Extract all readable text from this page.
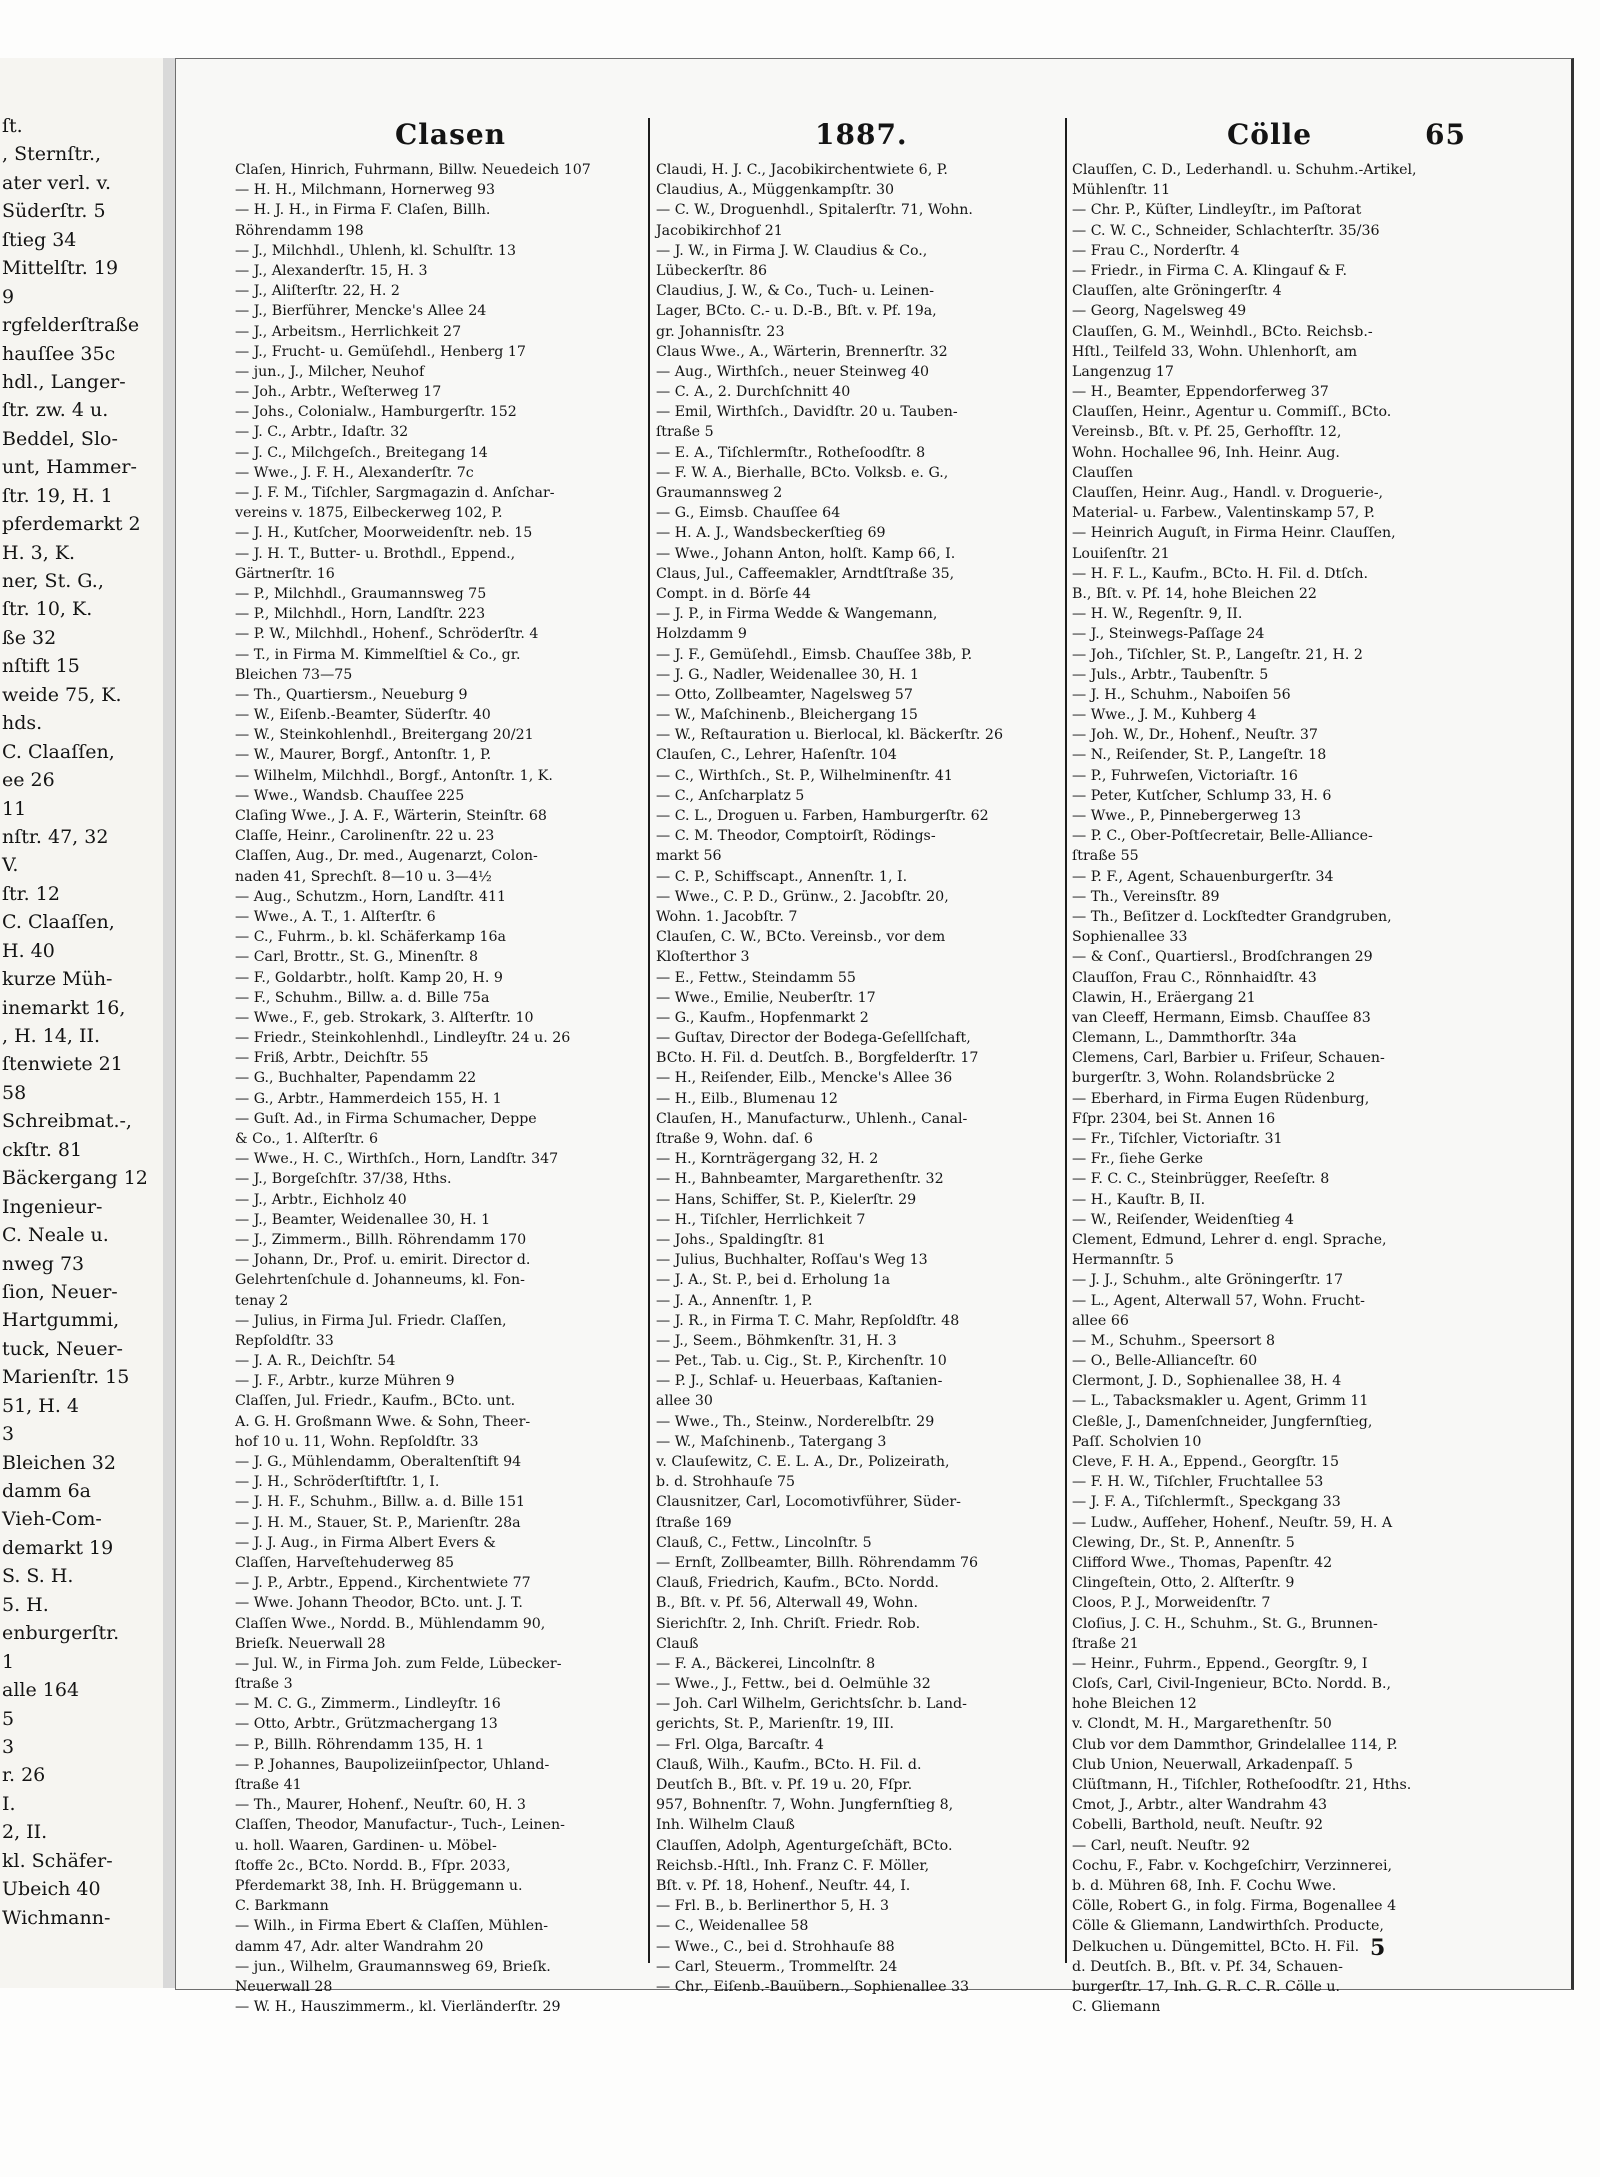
ſt.
, Sternſtr.,
ater verl. v.
Süderſtr. 5
ſtieg 34
Mittelſtr. 19
9
rgfelderſtraße
hauſſee 35c
hdl., Langer-
ſtr. zw. 4 u.
Beddel, Slo-
unt, Hammer-
ſtr. 19, H. 1
pferdemarkt 2
H. 3, K.
ner, St. G.,
ſtr. 10, K.
ße 32
nſtift 15
weide 75, K.
hds.
C. Claaſſen,
ee 26
11
nſtr. 47, 32
V.
ſtr. 12
C. Claaſſen,
H. 40
kurze Müh-
inemarkt 16,
, H. 14, II.
ſtenwiete 21
58
Schreibmat.-,
ckſtr. 81
Bäckergang 12
Ingenieur-
C. Neale u.
nweg 73
ſion, Neuer-
Hartgummi,
tuck, Neuer-
Marienſtr. 15
51, H. 4
3
Bleichen 32
damm 6a
Vieh-Com-
demarkt 19
S. S. H.
5. H.
enburgerſtr.
1
alle 164
5
3
r. 26
I.
2, II.
kl. Schäfer-
Ubeich 40
Wichmann-
Clasen	1887.	Cölle	65
Claſen, Hinrich, Fuhrmann, Billw. Neuedeich 107
— H. H., Milchmann, Hornerweg 93
— H. J. H., in Firma F. Claſen, Billh.
Röhrendamm 198
— J., Milchhdl., Uhlenh, kl. Schulſtr. 13
— J., Alexanderſtr. 15, H. 3
— J., Aliſterſtr. 22, H. 2
— J., Bierführer, Mencke's Allee 24
— J., Arbeitsm., Herrlichkeit 27
— J., Frucht- u. Gemüſehdl., Henberg 17
— jun., J., Milcher, Neuhof
— Joh., Arbtr., Weſterweg 17
— Johs., Colonialw., Hamburgerſtr. 152
— J. C., Arbtr., Idaſtr. 32
— J. C., Milchgeſch., Breitegang 14
— Wwe., J. F. H., Alexanderſtr. 7c
— J. F. M., Tiſchler, Sargmagazin d. Anſchar-
vereins v. 1875, Eilbeckerweg 102, P.
— J. H., Kutſcher, Moorweidenſtr. neb. 15
— J. H. T., Butter- u. Brothdl., Eppend.,
Gärtnerſtr. 16
— P., Milchhdl., Graumannsweg 75
— P., Milchhdl., Horn, Landſtr. 223
— P. W., Milchhdl., Hohenf., Schröderſtr. 4
— T., in Firma M. Kimmelſtiel & Co., gr.
Bleichen 73—75
— Th., Quartiersm., Neueburg 9
— W., Eiſenb.-Beamter, Süderſtr. 40
— W., Steinkohlenhdl., Breitergang 20/21
— W., Maurer, Borgf., Antonſtr. 1, P.
— Wilhelm, Milchhdl., Borgf., Antonſtr. 1, K.
— Wwe., Wandsb. Chauſſee 225
Claſing Wwe., J. A. F., Wärterin, Steinſtr. 68
Claſſe, Heinr., Carolinenſtr. 22 u. 23
Claſſen, Aug., Dr. med., Augenarzt, Colon-
naden 41, Sprechſt. 8—10 u. 3—4½
— Aug., Schutzm., Horn, Landſtr. 411
— Wwe., A. T., 1. Alſterſtr. 6
— C., Fuhrm., b. kl. Schäferkamp 16a
— Carl, Brottr., St. G., Minenſtr. 8
— F., Goldarbtr., holſt. Kamp 20, H. 9
— F., Schuhm., Billw. a. d. Bille 75a
— Wwe., F., geb. Strokark, 3. Alſterſtr. 10
— Friedr., Steinkohlenhdl., Lindleyſtr. 24 u. 26
— Friß, Arbtr., Deichſtr. 55
— G., Buchhalter, Papendamm 22
— G., Arbtr., Hammerdeich 155, H. 1
— Guſt. Ad., in Firma Schumacher, Deppe
& Co., 1. Alſterſtr. 6
— Wwe., H. C., Wirthſch., Horn, Landſtr. 347
— J., Borgeſchſtr. 37/38, Hths.
— J., Arbtr., Eichholz 40
— J., Beamter, Weidenallee 30, H. 1
— J., Zimmerm., Billh. Röhrendamm 170
— Johann, Dr., Prof. u. emirit. Director d.
Gelehrtenſchule d. Johanneums, kl. Fon-
tenay 2
— Julius, in Firma Jul. Friedr. Claſſen,
Repſoldſtr. 33
— J. A. R., Deichſtr. 54
— J. F., Arbtr., kurze Mühren 9
Claſſen, Jul. Friedr., Kaufm., BCto. unt.
A. G. H. Großmann Wwe. & Sohn, Theer-
hof 10 u. 11, Wohn. Repſoldſtr. 33
— J. G., Mühlendamm, Oberaltenſtift 94
— J. H., Schröderſtiftſtr. 1, I.
— J. H. F., Schuhm., Billw. a. d. Bille 151
— J. H. M., Stauer, St. P., Marienſtr. 28a
— J. J. Aug., in Firma Albert Evers &
Claſſen, Harveſtehuderweg 85
— J. P., Arbtr., Eppend., Kirchentwiete 77
— Wwe. Johann Theodor, BCto. unt. J. T.
Claſſen Wwe., Nordd. B., Mühlendamm 90,
Brieſk. Neuerwall 28
— Jul. W., in Firma Joh. zum Felde, Lübecker-
ſtraße 3
— M. C. G., Zimmerm., Lindleyſtr. 16
— Otto, Arbtr., Grützmachergang 13
— P., Billh. Röhrendamm 135, H. 1
— P. Johannes, Baupolizeiinſpector, Uhland-
ſtraße 41
— Th., Maurer, Hohenf., Neuſtr. 60, H. 3
Claſſen, Theodor, Manufactur-, Tuch-, Leinen-
u. holl. Waaren, Gardinen- u. Möbel-
ſtoffe 2c., BCto. Nordd. B., Fſpr. 2033,
Pferdemarkt 38, Inh. H. Brüggemann u.
C. Barkmann
— Wilh., in Firma Ebert & Claſſen, Mühlen-
damm 47, Adr. alter Wandrahm 20
— jun., Wilhelm, Graumannsweg 69, Brieſk.
Neuerwall 28
— W. H., Hauszimmerm., kl. Vierländerſtr. 29
Claudi, H. J. C., Jacobikirchentwiete 6, P.
Claudius, A., Müggenkampſtr. 30
— C. W., Droguenhdl., Spitalerſtr. 71, Wohn.
Jacobikirchhof 21
— J. W., in Firma J. W. Claudius & Co.,
Lübeckerſtr. 86
Claudius, J. W., & Co., Tuch- u. Leinen-
Lager, BCto. C.- u. D.-B., Bſt. v. Pf. 19a,
gr. Johannisſtr. 23
Claus Wwe., A., Wärterin, Brennerſtr. 32
— Aug., Wirthſch., neuer Steinweg 40
— C. A., 2. Durchſchnitt 40
— Emil, Wirthſch., Davidſtr. 20 u. Tauben-
ſtraße 5
— E. A., Tiſchlermſtr., Rotheſoodſtr. 8
— F. W. A., Bierhalle, BCto. Volksb. e. G.,
Graumannsweg 2
— G., Eimsb. Chauſſee 64
— H. A. J., Wandsbeckerſtieg 69
— Wwe., Johann Anton, holſt. Kamp 66, I.
Claus, Jul., Caffeemakler, Arndtſtraße 35,
Compt. in d. Börſe 44
— J. P., in Firma Wedde & Wangemann,
Holzdamm 9
— J. F., Gemüſehdl., Eimsb. Chauſſee 38b, P.
— J. G., Nadler, Weidenallee 30, H. 1
— Otto, Zollbeamter, Nagelsweg 57
— W., Maſchinenb., Bleichergang 15
— W., Reſtauration u. Bierlocal, kl. Bäckerſtr. 26
Clauſen, C., Lehrer, Haſenſtr. 104
— C., Wirthſch., St. P., Wilhelminenſtr. 41
— C., Anſcharplatz 5
— C. L., Droguen u. Farben, Hamburgerſtr. 62
— C. M. Theodor, Comptoirſt, Rödings-
markt 56
— C. P., Schiffscapt., Annenſtr. 1, I.
— Wwe., C. P. D., Grünw., 2. Jacobſtr. 20,
Wohn. 1. Jacobſtr. 7
Clauſen, C. W., BCto. Vereinsb., vor dem
Kloſterthor 3
— E., Fettw., Steindamm 55
— Wwe., Emilie, Neuberſtr. 17
— G., Kaufm., Hopfenmarkt 2
— Guſtav, Director der Bodega-Geſellſchaft,
BCto. H. Fil. d. Deutſch. B., Borgfelderſtr. 17
— H., Reiſender, Eilb., Mencke's Allee 36
— H., Eilb., Blumenau 12
Clauſen, H., Manufacturw., Uhlenh., Canal-
ſtraße 9, Wohn. daſ. 6
— H., Kornträgergang 32, H. 2
— H., Bahnbeamter, Margarethenſtr. 32
— Hans, Schiffer, St. P., Kielerſtr. 29
— H., Tiſchler, Herrlichkeit 7
— Johs., Spaldingſtr. 81
— Julius, Buchhalter, Roſſau's Weg 13
— J. A., St. P., bei d. Erholung 1a
— J. A., Annenſtr. 1, P.
— J. R., in Firma T. C. Mahr, Repſoldſtr. 48
— J., Seem., Böhmkenſtr. 31, H. 3
— Pet., Tab. u. Cig., St. P., Kirchenſtr. 10
— P. J., Schlaf- u. Heuerbaas, Kaſtanien-
allee 30
— Wwe., Th., Steinw., Norderelbſtr. 29
— W., Maſchinenb., Tatergang 3
v. Clauſewitz, C. E. L. A., Dr., Polizeirath,
b. d. Strohhauſe 75
Clausnitzer, Carl, Locomotivführer, Süder-
ſtraße 169
Clauß, C., Fettw., Lincolnſtr. 5
— Ernſt, Zollbeamter, Billh. Röhrendamm 76
Clauß, Friedrich, Kaufm., BCto. Nordd.
B., Bſt. v. Pf. 56, Alterwall 49, Wohn.
Sierichſtr. 2, Inh. Chriſt. Friedr. Rob.
Clauß
— F. A., Bäckerei, Lincolnſtr. 8
— Wwe., J., Fettw., bei d. Oelmühle 32
— Joh. Carl Wilhelm, Gerichtsſchr. b. Land-
gerichts, St. P., Marienſtr. 19, III.
— Frl. Olga, Barcaſtr. 4
Clauß, Wilh., Kaufm., BCto. H. Fil. d.
Deutſch B., Bſt. v. Pf. 19 u. 20, Fſpr.
957, Bohnenſtr. 7, Wohn. Jungfernſtieg 8,
Inh. Wilhelm Clauß
Clauſſen, Adolph, Agenturgeſchäft, BCto.
Reichsb.-Hſtl., Inh. Franz C. F. Möller,
Bſt. v. Pf. 18, Hohenf., Neuſtr. 44, I.
— Frl. B., b. Berlinerthor 5, H. 3
— C., Weidenallee 58
— Wwe., C., bei d. Strohhauſe 88
— Carl, Steuerm., Trommelſtr. 24
— Chr., Eiſenb.-Bauübern., Sophienallee 33
Clauſſen, C. D., Lederhandl. u. Schuhm.-Artikel,
Mühlenſtr. 11
— Chr. P., Küſter, Lindleyſtr., im Paſtorat
— C. W. C., Schneider, Schlachterſtr. 35/36
— Frau C., Norderſtr. 4
— Friedr., in Firma C. A. Klingauf & F.
Clauſſen, alte Gröningerſtr. 4
— Georg, Nagelsweg 49
Clauſſen, G. M., Weinhdl., BCto. Reichsb.-
Hſtl., Teilfeld 33, Wohn. Uhlenhorſt, am
Langenzug 17
— H., Beamter, Eppendorferweg 37
Clauſſen, Heinr., Agentur u. Commiſſ., BCto.
Vereinsb., Bſt. v. Pf. 25, Gerhofſtr. 12,
Wohn. Hochallee 96, Inh. Heinr. Aug.
Clauſſen
Clauſſen, Heinr. Aug., Handl. v. Droguerie-,
Material- u. Farbew., Valentinskamp 57, P.
— Heinrich Auguſt, in Firma Heinr. Clauſſen,
Louiſenſtr. 21
— H. F. L., Kaufm., BCto. H. Fil. d. Dtſch.
B., Bſt. v. Pf. 14, hohe Bleichen 22
— H. W., Regenſtr. 9, II.
— J., Steinwegs-Paſſage 24
— Joh., Tiſchler, St. P., Langeſtr. 21, H. 2
— Juls., Arbtr., Taubenſtr. 5
— J. H., Schuhm., Naboiſen 56
— Wwe., J. M., Kuhberg 4
— Joh. W., Dr., Hohenf., Neuſtr. 37
— N., Reiſender, St. P., Langeſtr. 18
— P., Fuhrweſen, Victoriaſtr. 16
— Peter, Kutſcher, Schlump 33, H. 6
— Wwe., P., Pinnebergerweg 13
— P. C., Ober-Poſtſecretair, Belle-Alliance-
ſtraße 55
— P. F., Agent, Schauenburgerſtr. 34
— Th., Vereinsſtr. 89
— Th., Beſitzer d. Lockſtedter Grandgruben,
Sophienallee 33
— & Conſ., Quartiersl., Brodſchrangen 29
Clauſſon, Frau C., Rönnhaidſtr. 43
Clawin, H., Eräergang 21
van Cleeff, Hermann, Eimsb. Chauſſee 83
Clemann, L., Dammthorſtr. 34a
Clemens, Carl, Barbier u. Friſeur, Schauen-
burgerſtr. 3, Wohn. Rolandsbrücke 2
— Eberhard, in Firma Eugen Rüdenburg,
Fſpr. 2304, bei St. Annen 16
— Fr., Tiſchler, Victoriaſtr. 31
— Fr., ſiehe Gerke
— F. C. C., Steinbrügger, Reeſeſtr. 8
— H., Kauſtr. B, II.
— W., Reiſender, Weidenſtieg 4
Clement, Edmund, Lehrer d. engl. Sprache,
Hermannſtr. 5
— J. J., Schuhm., alte Gröningerſtr. 17
— L., Agent, Alterwall 57, Wohn. Frucht-
allee 66
— M., Schuhm., Speersort 8
— O., Belle-Allianceſtr. 60
Clermont, J. D., Sophienallee 38, H. 4
— L., Tabacksmakler u. Agent, Grimm 11
Cleßle, J., Damenſchneider, Jungfernſtieg,
Paſſ. Scholvien 10
Cleve, F. H. A., Eppend., Georgſtr. 15
— F. H. W., Tiſchler, Fruchtallee 53
— J. F. A., Tiſchlermſt., Speckgang 33
— Ludw., Aufſeher, Hohenf., Neuſtr. 59, H. A
Clewing, Dr., St. P., Annenſtr. 5
Clifford Wwe., Thomas, Papenſtr. 42
Clingeſtein, Otto, 2. Alſterſtr. 9
Cloos, P. J., Morweidenſtr. 7
Cloſius, J. C. H., Schuhm., St. G., Brunnen-
ſtraße 21
— Heinr., Fuhrm., Eppend., Georgſtr. 9, I
Cloſs, Carl, Civil-Ingenieur, BCto. Nordd. B.,
hohe Bleichen 12
v. Clondt, M. H., Margarethenſtr. 50
Club vor dem Dammthor, Grindelallee 114, P.
Club Union, Neuerwall, Arkadenpaſſ. 5
Clüſtmann, H., Tiſchler, Rotheſoodſtr. 21, Hths.
Cmot, J., Arbtr., alter Wandrahm 43
Cobelli, Barthold, neuſt. Neuſtr. 92
— Carl, neuſt. Neuſtr. 92
Cochu, F., Fabr. v. Kochgeſchirr, Verzinnerei,
b. d. Mühren 68, Inh. F. Cochu Wwe.
Cölle, Robert G., in folg. Firma, Bogenallee 4
Cölle & Gliemann, Landwirthſch. Producte,
Delkuchen u. Düngemittel, BCto. H. Fil.
d. Deutſch. B., Bſt. v. Pf. 34, Schauen-
burgerſtr. 17, Inh. G. R. C. R. Cölle u.
C. Gliemann
5
